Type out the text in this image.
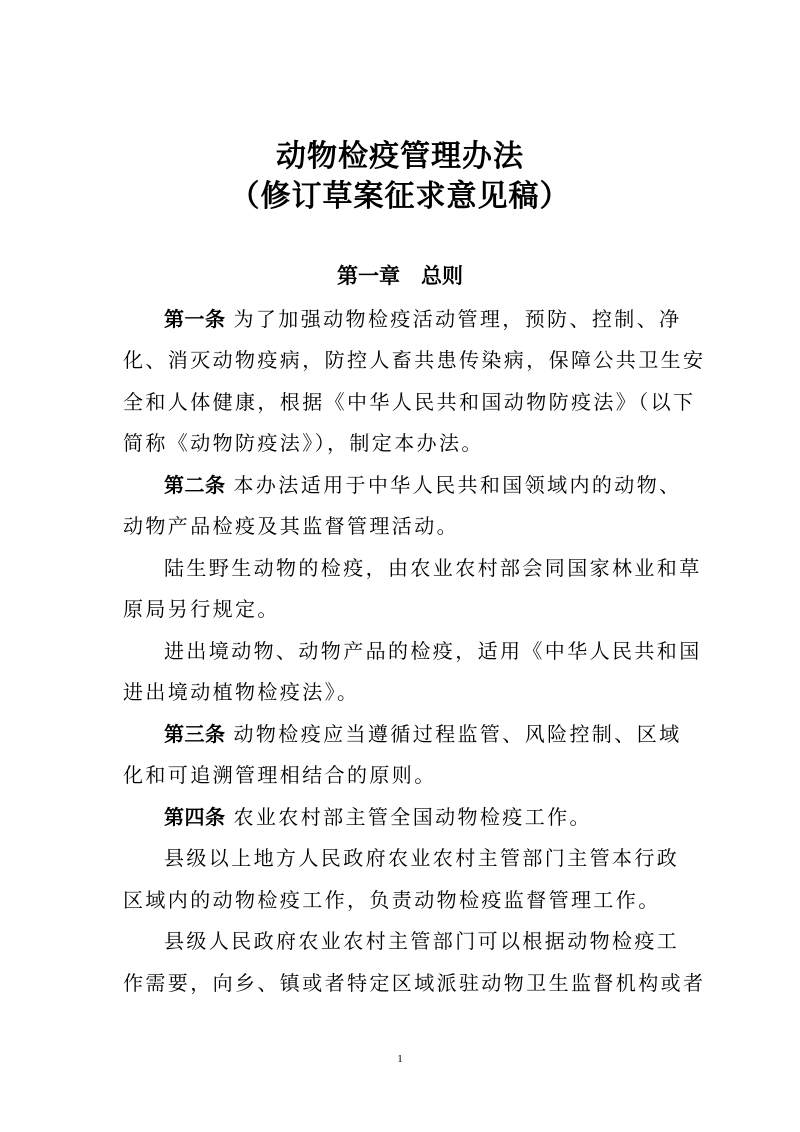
动物检疫管理办法
（修订草案征求意见稿）
第一章　总则
第一条 为了加强动物检疫活动管理，预防、控制、净
化、消灭动物疫病，防控人畜共患传染病，保障公共卫生安
全和人体健康，根据《中华人民共和国动物防疫法》（以下
简称《动物防疫法》），制定本办法。
第二条 本办法适用于中华人民共和国领域内的动物、
动物产品检疫及其监督管理活动。
陆生野生动物的检疫，由农业农村部会同国家林业和草
原局另行规定。
进出境动物、动物产品的检疫，适用《中华人民共和国
进出境动植物检疫法》。
第三条 动物检疫应当遵循过程监管、风险控制、区域
化和可追溯管理相结合的原则。
第四条 农业农村部主管全国动物检疫工作。
县级以上地方人民政府农业农村主管部门主管本行政
区域内的动物检疫工作，负责动物检疫监督管理工作。
县级人民政府农业农村主管部门可以根据动物检疫工
作需要，向乡、镇或者特定区域派驻动物卫生监督机构或者
1
